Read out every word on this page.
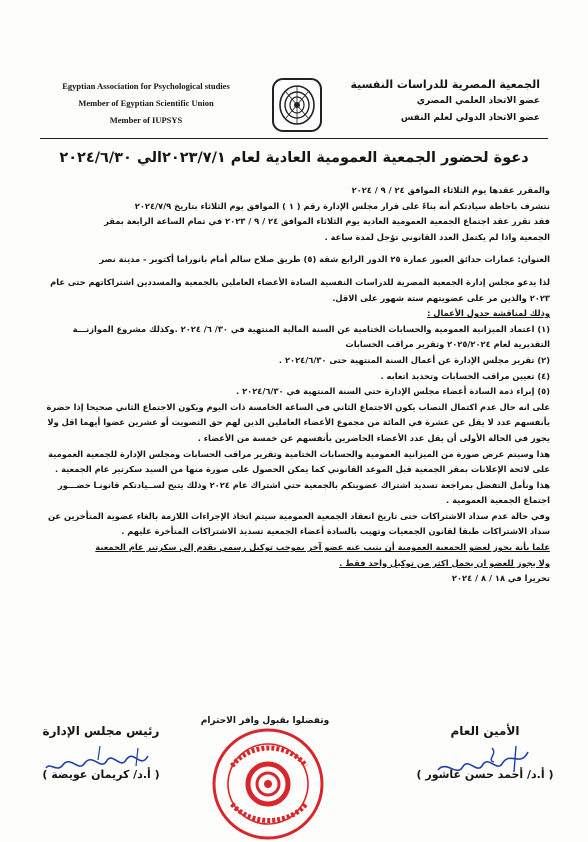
Egyptian Association for Psychological studies
Member of Egyptian Scientific Union
Member of IUPSYS
الجمعية المصرية للدراسات النفسية
عضو الاتحاد العلمي المصري
عضو الاتحاد الدولي لعلم النفس
دعوة لحضور الجمعية العمومية العادية لعام ٢٠٢٣/٧/١الي ٢٠٢٤/٦/٣٠

والمقرر عقدها يوم الثلاثاء الموافق ٢٤ / ٩ / ٢٠٢٤

نتشرف باحاطة سيادتكم أنه بناءً على قرار مجلس الإدارة رقم ( ١ ) الموافق يوم الثلاثاء بتاريخ ٢٠٢٤/٧/٩

فقد تقرر عقد اجتماع الجمعية العمومية العادية يوم الثلاثاء الموافق ٢٤ / ٩ / ٢٠٢٣ في تمام الساعة الرابعة بمقر

الجمعية واذا لم يكتمل العدد القانوني تؤجل لمدة ساعة .

العنوان: عمارات حدائق العبور عمارة ٢٥ الدور الرابع شقة (٥) طريق صلاح سالم أمام بانوراما أكتوبر - مدينة نصر

لذا يدعو مجلس إدارة الجمعية المصرية للدراسات النفسية السادة الأعضاء العاملين بالجمعية والمسددين اشتراكاتهم حتى عام

٢٠٢٣ والذين مر على عضويتهم ستة شهور على الاقل.

وذلك لمناقشة جدول الأعمال :

(١) اعتماد الميزانية العمومية والحسابات الختامية عن السنة المالية المنتهية في ٣٠/ ٦/ ٢٠٢٤ .وكذلك مشروع الموازنـــة

التقديرية لعام ٢٠٢٥/٢٠٢٤ وتقرير مراقب الحسابات

(٢) تقرير مجلس الإدارة عن أعمال السنة المنتهية حتى ٢٠٢٤/٦/٣٠ .

(٤) تعيين مراقب الحسابات وتحديد اتعابه .

(٥) إبراء ذمة السادة أعضاء مجلس الإدارة حتي السنة المنتهية في ٢٠٢٤/٦/٣٠ .

على انه حال عدم اكتمال النصاب يكون الاجتماع الثاني في الساعة الخامسة ذات اليوم ويكون الاجتماع الثاني صحيحا إذا حضرة

بأنفسهم عدد لا يقل عن عشرة في المائة من مجموع الأعضاء العاملين الذين لهم حق التصويت أو عشرين عضوا أيهما اقل ولا

يجوز في الحالة الأولى أن يقل عدد الأعضاء الحاضرين بأنفسهم عن خمسة من الأعضاء .

هذا وسيتم عرض صورة من الميزانية العمومية والحسابات الختامية وتقرير مراقب الحسابات ومجلس الإدارة للجمعية العمومية

على لائحة الإعلانات بمقر الجمعية قبل الموعد القانوني كما يمكن الحصول على صورة منها من السيد سكرتير عام الجمعية .

هذا ونأمل التفضل بمراجعة تسديد اشتراك عضويتكم بالجمعية حتي اشتراك عام ٢٠٢٤ وذلك يتيح لســيادتكم قانونـا حضـــور

اجتماع الجمعية العمومية .

وفي حالة عدم سداد الاشتراكات حتى تاريخ انعقاد الجمعية العمومية سيتم اتخاذ الإجراءات اللازمة بالغاء عضوية المتأخرين عن

سداد الاشتراكات طبقا لقانون الجمعيات وتهيب بالسادة أعضاء الجمعية تسديد الاشتراكات المتأخرة عليهم .

علما بأنة يجوز لعضو الجمعية العمومية أن ينيب عنه عضو آخر بموجب توكيل رسمي يقدم إلي سكرتير عام الجمعية

ولا يجوز للعضو ان يحمل اكثر من توكيل واحد فقط .

تحريرا في ١٨ / ٨ / ٢٠٢٤

وتفضلوا بقبول وافر الاحترام
الأمين العام
( أ.د/ أحمد حسن عاشور )
رئيس مجلس الإدارة
( أ.د/ كريمان عويضة )
